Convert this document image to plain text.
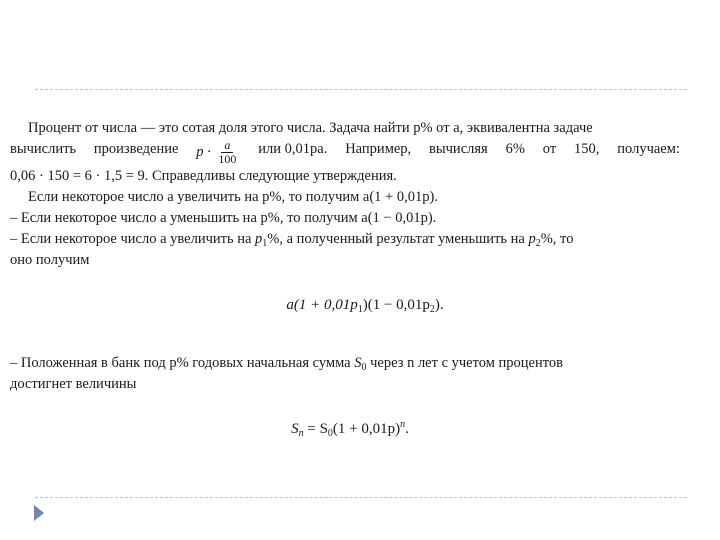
Процент от числа — это сотая доля этого числа. Задача найти p% от a, эквивалентна задаче
вычислить произведение $p \cdot \frac{a}{100}$ или 0,01pa. Например, вычисляя 6% от 150, получаем:
0,06 · 150 = 6 · 1,5 = 9. Справедливы следующие утверждения.
Если некоторое число a увеличить на p%, то получим a(1 + 0,01p).
– Если некоторое число a уменьшить на p%, то получим a(1 − 0,01p).
– Если некоторое число а увеличить на $p_1\%$, а полученный результат уменьшить на $p_2\%$, то
оно получим
$a(1 + 0,01p_1)(1 - 0,01p_2)$.
– Положенная в банк под p% годовых начальная сумма $S_0$ через n лет с учетом процентов
достигнет величины
$S_n = S_0(1 + 0,01p)^n$.
